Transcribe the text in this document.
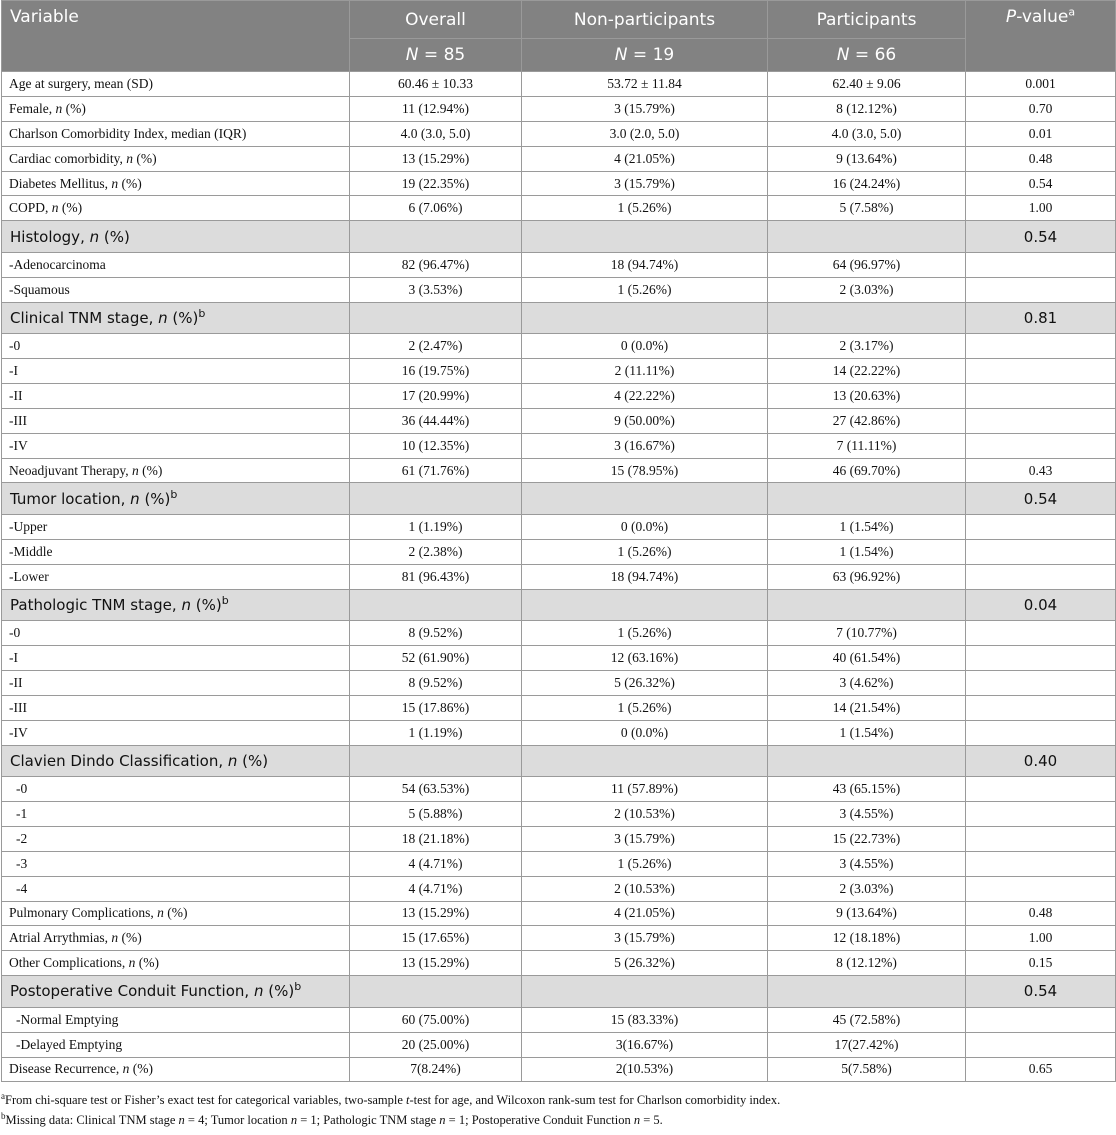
Variable	Overall	Non-participants	Participants	P-value$^a$
	N = 85	N = 19	N = 66	
Age at surgery, mean (SD)	60.46 ± 10.33	53.72 ± 11.84	62.40 ± 9.06	0.001
Female, n (%)	11 (12.94%)	3 (15.79%)	8 (12.12%)	0.70
Charlson Comorbidity Index, median (IQR)	4.0 (3.0, 5.0)	3.0 (2.0, 5.0)	4.0 (3.0, 5.0)	0.01
Cardiac comorbidity, n (%)	13 (15.29%)	4 (21.05%)	9 (13.64%)	0.48
Diabetes Mellitus, n (%)	19 (22.35%)	3 (15.79%)	16 (24.24%)	0.54
COPD, n (%)	6 (7.06%)	1 (5.26%)	5 (7.58%)	1.00
Histology, n (%)				0.54
-Adenocarcinoma	82 (96.47%)	18 (94.74%)	64 (96.97%)	
-Squamous	3 (3.53%)	1 (5.26%)	2 (3.03%)	
Clinical TNM stage, n (%)$^b$				0.81
-0	2 (2.47%)	0 (0.0%)	2 (3.17%)	
-I	16 (19.75%)	2 (11.11%)	14 (22.22%)	
-II	17 (20.99%)	4 (22.22%)	13 (20.63%)	
-III	36 (44.44%)	9 (50.00%)	27 (42.86%)	
-IV	10 (12.35%)	3 (16.67%)	7 (11.11%)	
Neoadjuvant Therapy, n (%)	61 (71.76%)	15 (78.95%)	46 (69.70%)	0.43
Tumor location, n (%)$^b$				0.54
-Upper	1 (1.19%)	0 (0.0%)	1 (1.54%)	
-Middle	2 (2.38%)	1 (5.26%)	1 (1.54%)	
-Lower	81 (96.43%)	18 (94.74%)	63 (96.92%)	
Pathologic TNM stage, n (%)$^b$				0.04
-0	8 (9.52%)	1 (5.26%)	7 (10.77%)	
-I	52 (61.90%)	12 (63.16%)	40 (61.54%)	
-II	8 (9.52%)	5 (26.32%)	3 (4.62%)	
-III	15 (17.86%)	1 (5.26%)	14 (21.54%)	
-IV	1 (1.19%)	0 (0.0%)	1 (1.54%)	
Clavien Dindo Classification, n (%)				0.40
-0	54 (63.53%)	11 (57.89%)	43 (65.15%)	
-1	5 (5.88%)	2 (10.53%)	3 (4.55%)	
-2	18 (21.18%)	3 (15.79%)	15 (22.73%)	
-3	4 (4.71%)	1 (5.26%)	3 (4.55%)	
-4	4 (4.71%)	2 (10.53%)	2 (3.03%)	
Pulmonary Complications, n (%)	13 (15.29%)	4 (21.05%)	9 (13.64%)	0.48
Atrial Arrythmias, n (%)	15 (17.65%)	3 (15.79%)	12 (18.18%)	1.00
Other Complications, n (%)	13 (15.29%)	5 (26.32%)	8 (12.12%)	0.15
Postoperative Conduit Function, n (%)$^b$				0.54
-Normal Emptying	60 (75.00%)	15 (83.33%)	45 (72.58%)	
-Delayed Emptying	20 (25.00%)	3(16.67%)	17(27.42%)	
Disease Recurrence, n (%)	7(8.24%)	2(10.53%)	5(7.58%)	0.65
$^a$From chi-square test or Fisher’s exact test for categorical variables, two-sample t-test for age, and Wilcoxon rank-sum test for Charlson comorbidity index.
$^b$Missing data: Clinical TNM stage n = 4; Tumor location n = 1; Pathologic TNM stage n = 1; Postoperative Conduit Function n = 5.
